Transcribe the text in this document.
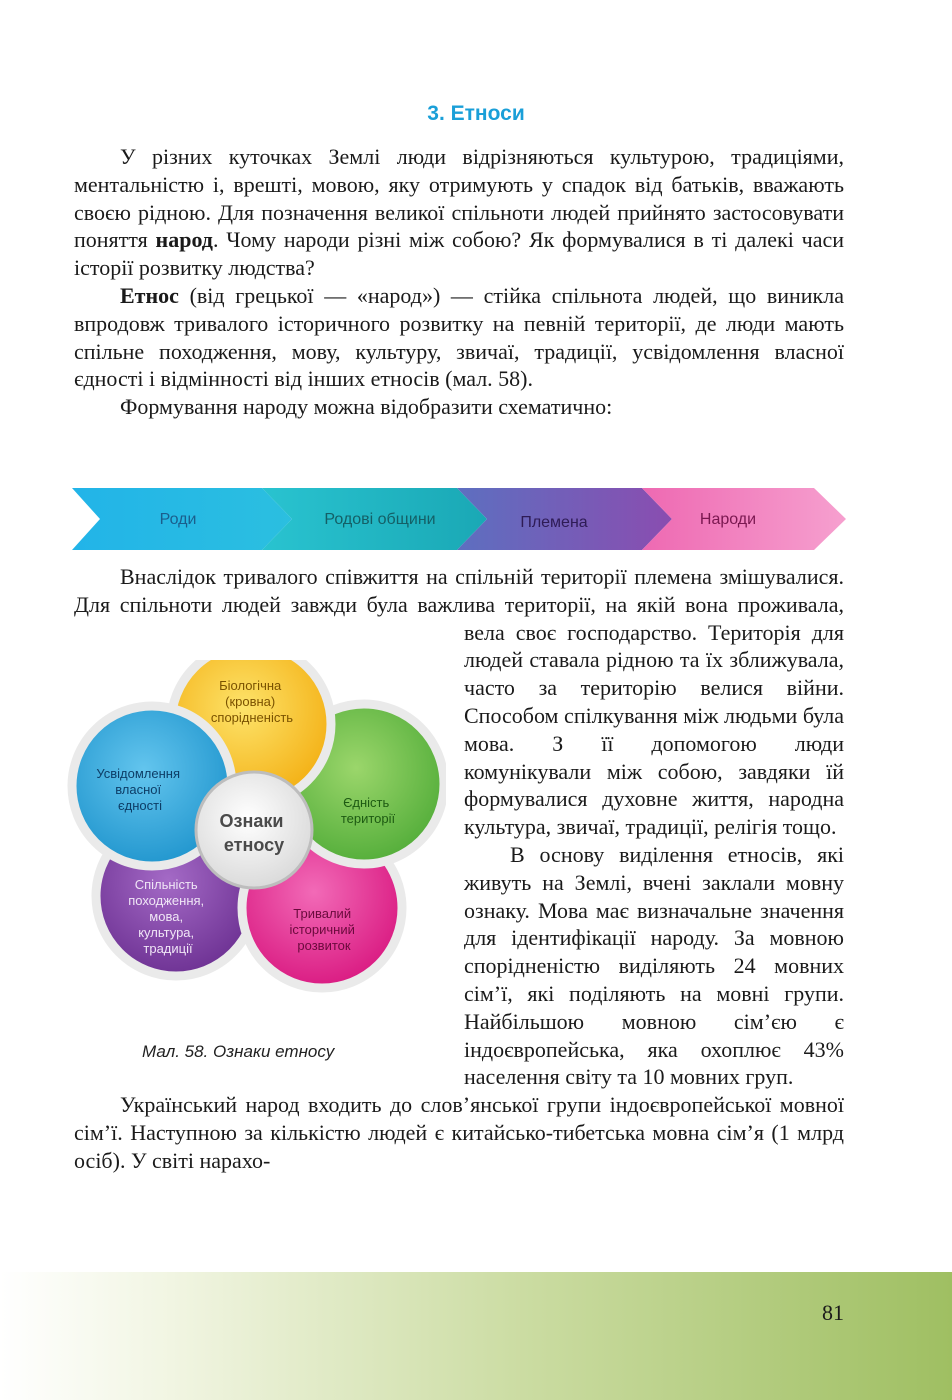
3. Етноси

У різних куточках Землі люди відрізняються культурою, традиціями, ментальністю і, врешті, мовою, яку отримують у спадок від батьків, вважають своєю рідною. Для позначення великої спільноти людей прийнято застосовувати поняття народ. Чому народи різні між собою? Як формувалися в ті далекі часи історії розвитку людства?

Етнос (від грецької — «народ») — стійка спільнота людей, що виникла впродовж тривалого історичного розвитку на певній території, де люди мають спільне походження, мову, культуру, звичаї, традиції, усвідомлення власної єдності і відмінності від інших етносів (мал. 58).

Формування народу можна відобразити схематично:

Роди	Родові общини	Племена	Народи

Внаслідок тривалого співжиття на спільній території племена змішувалися. Для спільноти людей завжди була важлива території, на якій вона проживала, вела своє господарство. Територія для людей ставала рідною та їх зближувала, часто за територію велися війни. Способом спілкування між людьми була мова. З її допомогою люди комунікували між собою, завдяки їй формувалися духовне життя, народна культура, звичаї, традиції, релігія тощо.

В основу виділення етносів, які живуть на Землі, вчені заклали мовну ознаку. Мова має визначальне значення для ідентифікації народу. За мовною спорідненістю виділяють 24 мовних сім’ї, які поділяють на мовні групи. Найбільшою мовною сім’єю є індоєвропейська, яка охоплює 43% населення світу та 10 мовних груп.

Український народ входить до слов’янської групи індоєвропейської мовної сім’ї. Наступною за кількістю людей є китайсько-тибетська мовна сім’я (1 млрд осіб). У світі нарахо-

Ознаки етносу
Біологічна (кровна) спорідненість
Єдність території
Тривалий історичний розвиток
Спільність походження, мова, культура, традиції
Усвідомлення власної єдності
Мал. 58. Ознаки етносу
81
